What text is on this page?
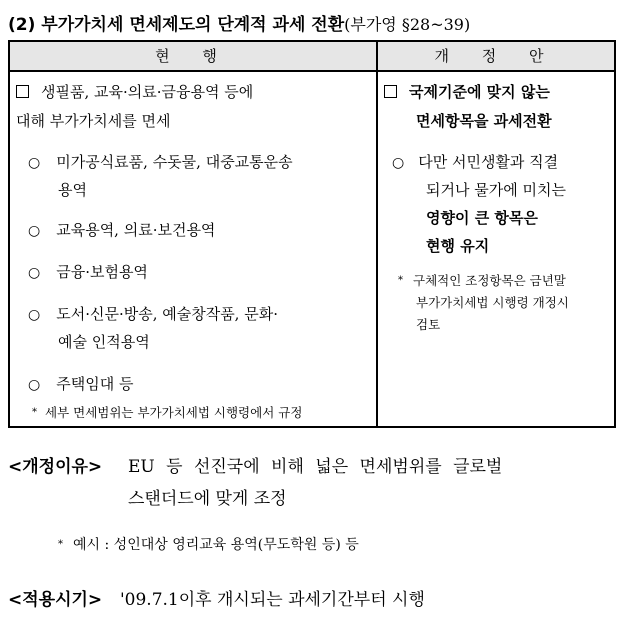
(2) 부가가치세 면세제도의 단계적 과세 전환(부가영 §28~39)
현 행	개 정 안
생필품, 교육·의료·금융용역 등에
대해 부가가치세를 면세
○ 미가공식료품, 수돗물, 대중교통운송
용역
○ 교육용역, 의료·보건용역
○ 금융·보험용역
○ 도서·신문·방송, 예술창작품, 문화·
예술 인적용역
○ 주택임대 등
* 세부 면세범위는 부가가치세법 시행령에서 규정
국제기준에 맞지 않는
면세항목을 과세전환
○ 다만 서민생활과 직결
되거나 물가에 미치는
영향이 큰 항목은
현행 유지
* 구체적인 조정항목은 금년말
부가가치세법 시행령 개정시
검토
<개정이유> EU 등 선진국에 비해 넓은 면세범위를 글로벌
스탠더드에 맞게 조정
* 예시 : 성인대상 영리교육 용역(무도학원 등) 등
<적용시기> '09.7.1이후 개시되는 과세기간부터 시행
